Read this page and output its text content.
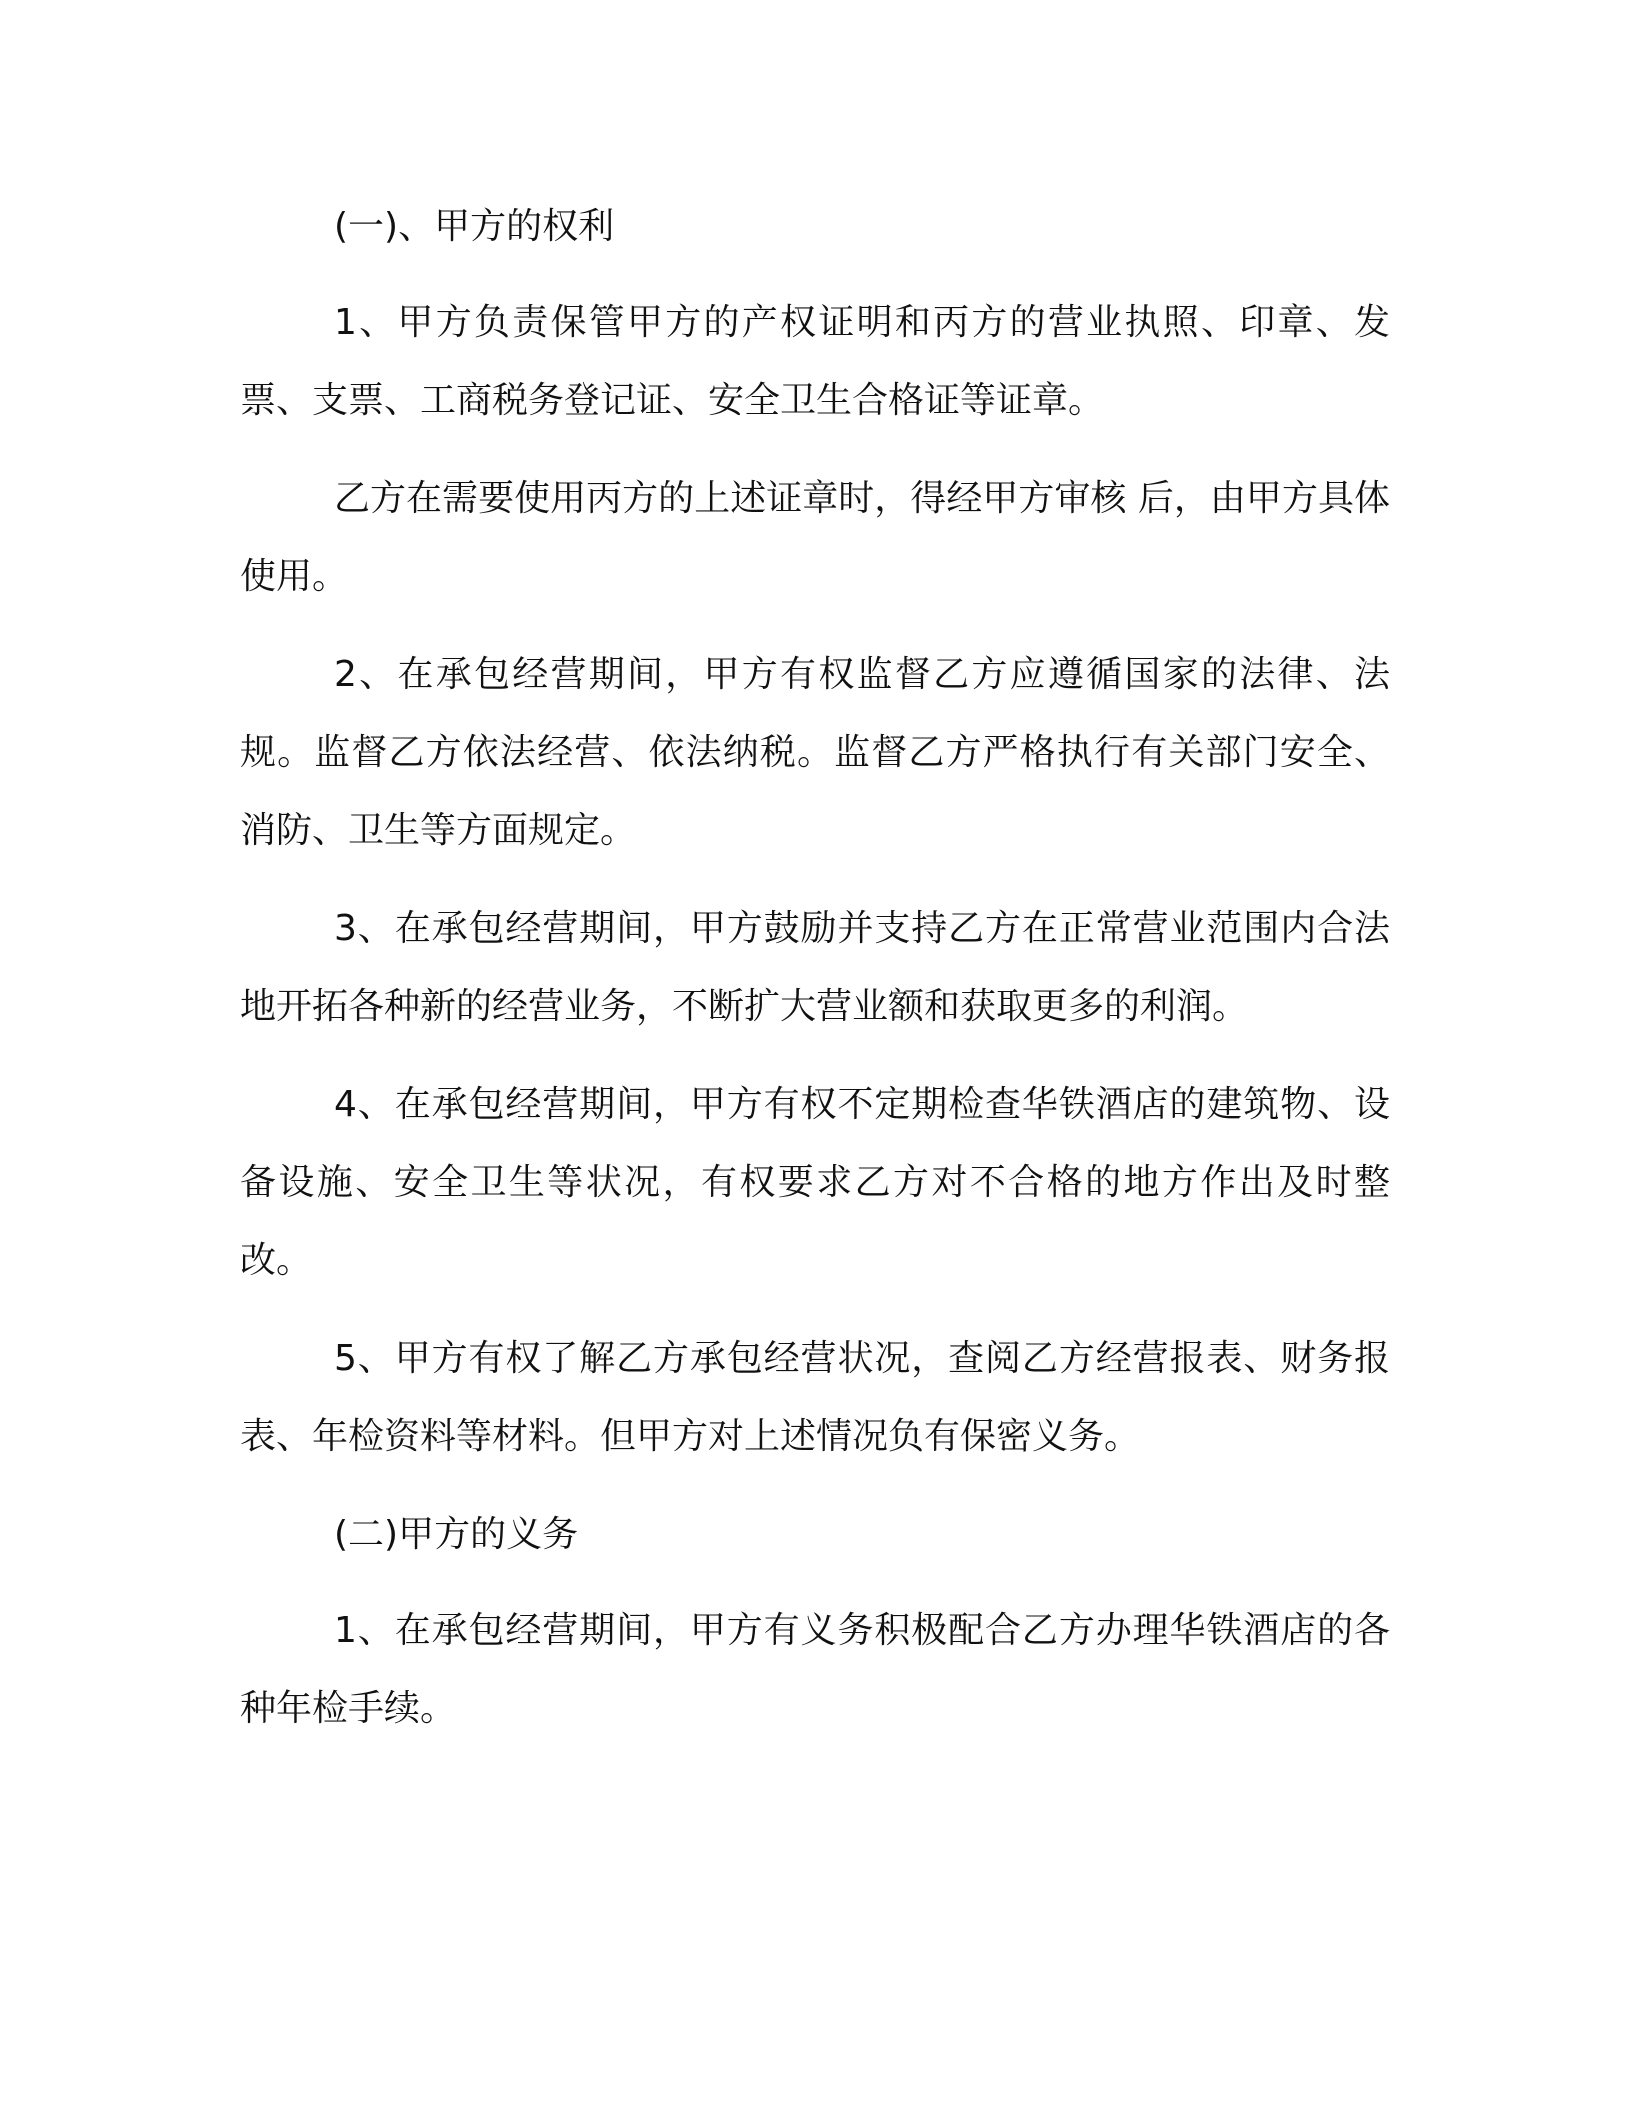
(一)、甲方的权利

1、甲方负责保管甲方的产权证明和丙方的营业执照、印章、发票、支票、工商税务登记证、安全卫生合格证等证章。

乙方在需要使用丙方的上述证章时，得经甲方审核 后，由甲方具体使用。

2、在承包经营期间，甲方有权监督乙方应遵循国家的法律、法规。监督乙方依法经营、依法纳税。监督乙方严格执行有关部门安全、消防、卫生等方面规定。

3、在承包经营期间，甲方鼓励并支持乙方在正常营业范围内合法地开拓各种新的经营业务，不断扩大营业额和获取更多的利润。

4、在承包经营期间，甲方有权不定期检查华铁酒店的建筑物、设备设施、安全卫生等状况，有权要求乙方对不合格的地方作出及时整改。

5、甲方有权了解乙方承包经营状况，查阅乙方经营报表、财务报表、年检资料等材料。但甲方对上述情况负有保密义务。

(二)甲方的义务

1、在承包经营期间，甲方有义务积极配合乙方办理华铁酒店的各种年检手续。
